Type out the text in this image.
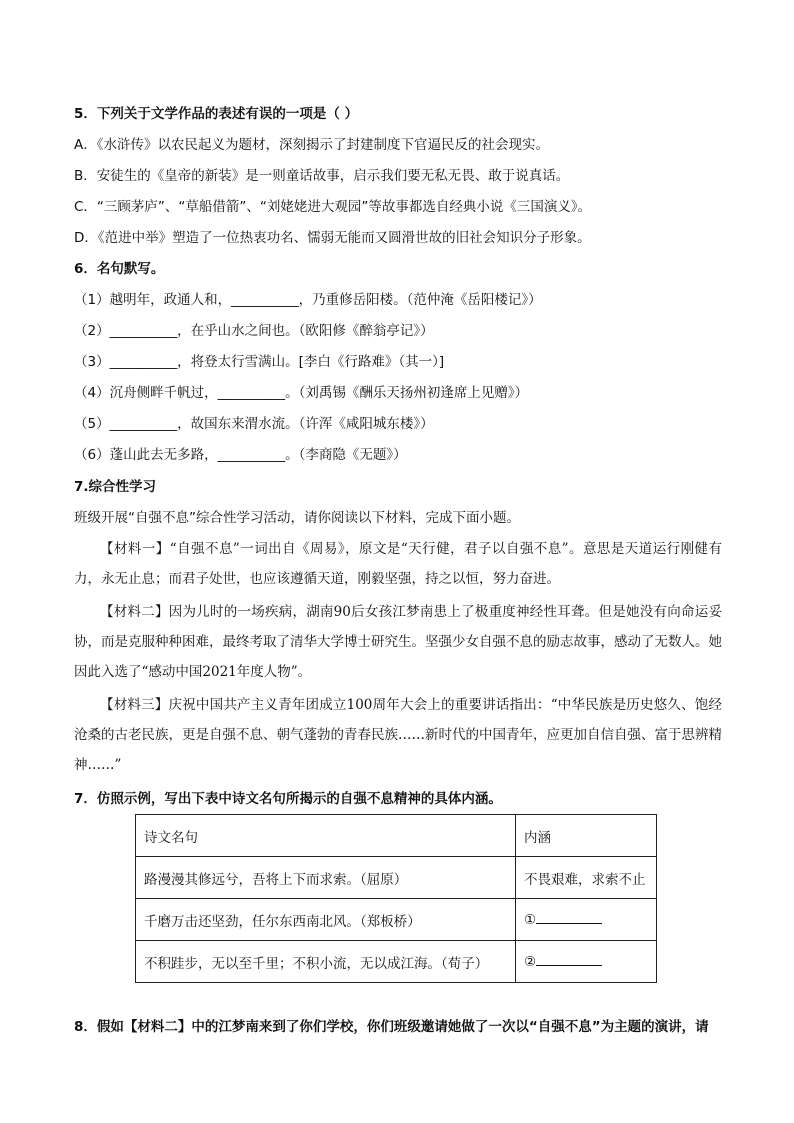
5．下列关于文学作品的表述有误的一项是（ ）
A．《水浒传》以农民起义为题材，深刻揭示了封建制度下官逼民反的社会现实。
B．安徒生的《皇帝的新装》是一则童话故事，启示我们要无私无畏、敢于说真话。
C．“三顾茅庐”、“草船借箭”、“刘姥姥进大观园”等故事都选自经典小说《三国演义》。
D．《范进中举》塑造了一位热衷功名、懦弱无能而又圆滑世故的旧社会知识分子形象。
6．名句默写。
（1）越明年，政通人和，__________，乃重修岳阳楼。（范仲淹《岳阳楼记》）
（2）__________，在乎山水之间也。（欧阳修《醉翁亭记》）
（3）__________，将登太行雪满山。[李白《行路难》（其一）]
（4）沉舟侧畔千帆过，__________。（刘禹锡《酬乐天扬州初逢席上见赠》）
（5）__________，故国东来渭水流。（许浑《咸阳城东楼》）
（6）蓬山此去无多路，__________。（李商隐《无题》）
7.综合性学习
班级开展“自强不息”综合性学习活动，请你阅读以下材料，完成下面小题。
【材料一】“自强不息”一词出自《周易》，原文是“天行健，君子以自强不息”。意思是天道运行刚健有力，永无止息；而君子处世，也应该遵循天道，刚毅坚强，持之以恒，努力奋进。
【材料二】因为儿时的一场疾病，湖南90后女孩江梦南患上了极重度神经性耳聋。但是她没有向命运妥协，而是克服种种困难，最终考取了清华大学博士研究生。坚强少女自强不息的励志故事，感动了无数人。她因此入选了“感动中国2021年度人物”。
【材料三】庆祝中国共产主义青年团成立100周年大会上的重要讲话指出：“中华民族是历史悠久、饱经沧桑的古老民族，更是自强不息、朝气蓬勃的青春民族……新时代的中国青年，应更加自信自强、富于思辨精神……”
7．仿照示例，写出下表中诗文名句所揭示的自强不息精神的具体内涵。
诗文名句	内涵
路漫漫其修远兮，吾将上下而求索。（屈原）	不畏艰难，求索不止
千磨万击还坚劲，任尔东西南北风。（郑板桥）	①
不积跬步，无以至千里；不积小流，无以成江海。（荀子）	②
8．假如【材料二】中的江梦南来到了你们学校，你们班级邀请她做了一次以“自强不息”为主题的演讲，请
